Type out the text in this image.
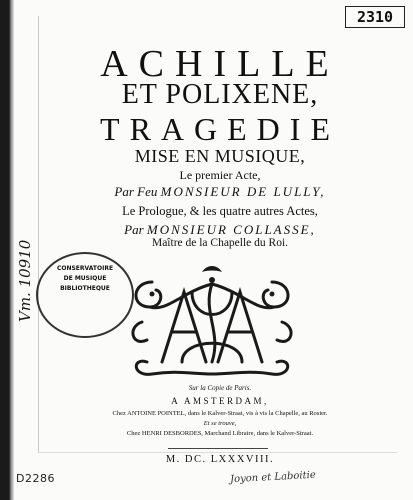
2310
ACHILLE
ET POLIXENE,
TRAGEDIE
MISE EN MUSIQUE,
Le premier Acte,
Par Feu MONSIEUR DE LULLY,
Le Prologue, & les quatre autres Actes,
Par MONSIEUR COLLASSE,
Maître de la Chapelle du Roi.
CONSERVATOIRE
DE MUSIQUE
BIBLIOTHEQUE
Vm. 10910
Sur la Copie de Paris.
A AMSTERDAM,
Chez ANTOINE POINTEL, dans le Kalver-Straat, vis à vis la Chapelle, au Rosier.
Et se trouve,
Chez HENRI DESBORDES, Marchand Libraire, dans le Kalver-Straat.
M. DC. LXXXVIII.
D2286	Joyon et Laboitie
